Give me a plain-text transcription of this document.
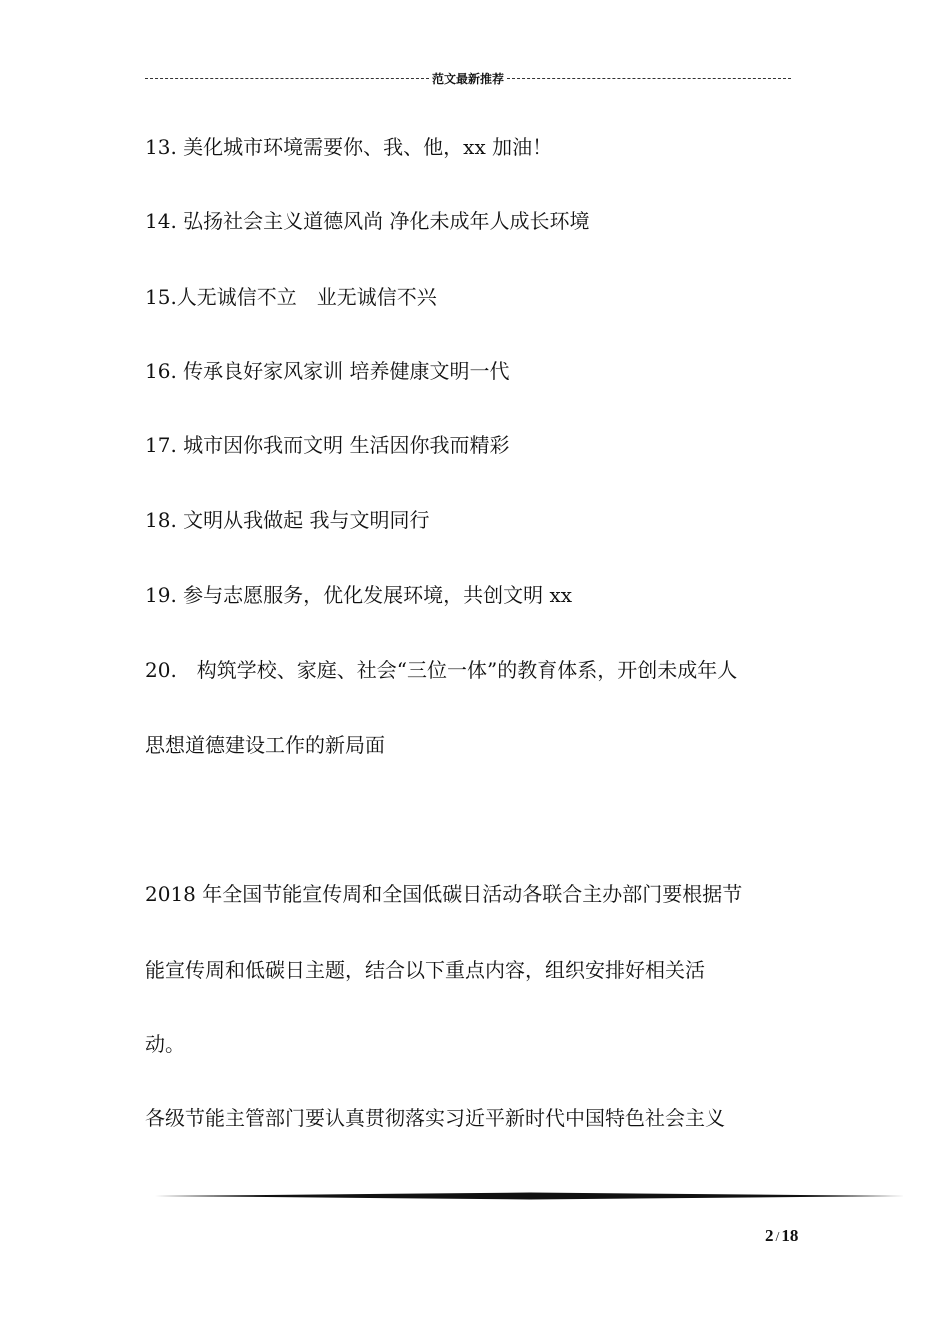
范文最新推荐
13. 美化城市环境需要你、我、他，xx 加油！
14. 弘扬社会主义道德风尚 净化未成年人成长环境
15.人无诚信不立　业无诚信不兴
16. 传承良好家风家训 培养健康文明一代
17. 城市因你我而文明 生活因你我而精彩
18. 文明从我做起 我与文明同行
19. 参与志愿服务，优化发展环境，共创文明 xx
20.　构筑学校、家庭、社会“三位一体”的教育体系，开创未成年人
思想道德建设工作的新局面
2018 年全国节能宣传周和全国低碳日活动各联合主办部门要根据节
能宣传周和低碳日主题，结合以下重点内容，组织安排好相关活
动。
各级节能主管部门要认真贯彻落实习近平新时代中国特色社会主义
2 / 18
